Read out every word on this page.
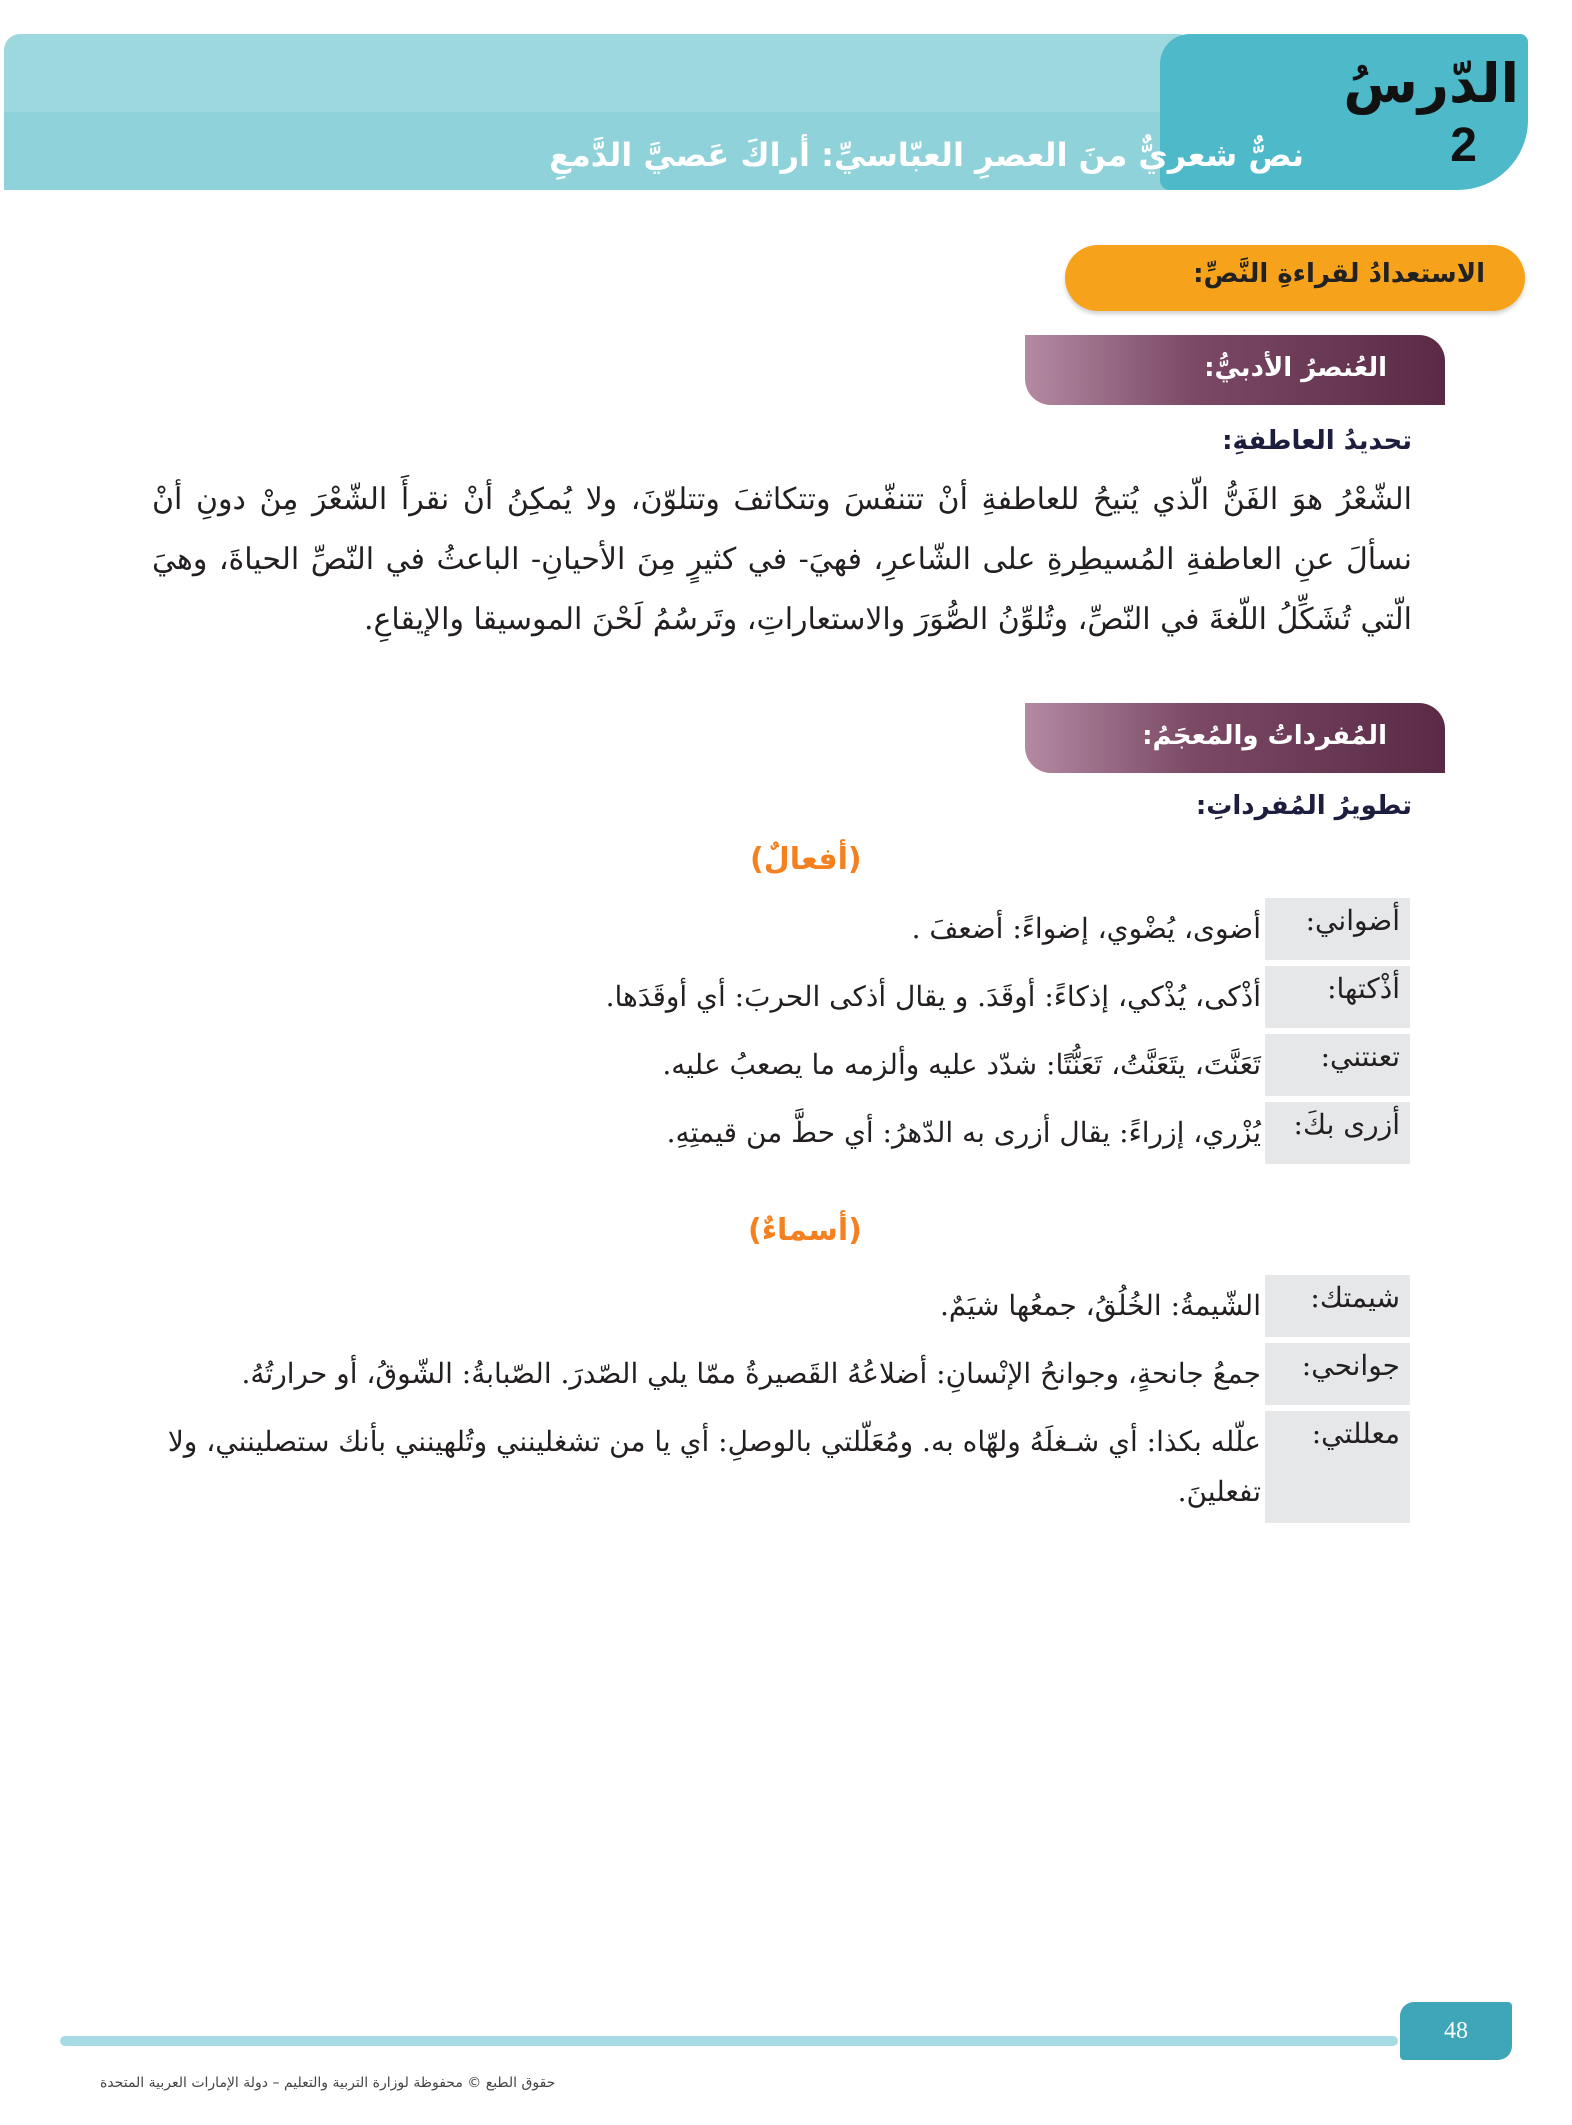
الدّرسُ
2
نصٌّ شعريٌّ منَ العصرِ العبّاسيِّ: أراكَ عَصيَّ الدَّمعِ
الاستعدادُ لقراءةِ النَّصِّ:
العُنصرُ الأدبيُّ:
تحديدُ العاطفةِ:
الشّعْرُ هوَ الفَنُّ الّذي يُتيحُ للعاطفةِ أنْ تتنفّسَ وتتكاثفَ وتتلوّنَ، ولا يُمكِنُ أنْ نقرأَ الشّعْرَ مِنْ دونِ أنْ نسألَ عنِ العاطفةِ المُسيطِرةِ على الشّاعرِ، فهيَ- في كثيرٍ مِنَ الأحيانِ- الباعثُ في النّصِّ الحياةَ، وهيَ الّتي تُشَكِّلُ اللّغةَ في النّصِّ، وتُلوِّنُ الصُّوَرَ والاستعاراتِ، وتَرسُمُ لَحْنَ الموسيقا والإيقاعِ.
المُفرداتُ والمُعجَمُ:
تطويرُ المُفرداتِ:
(أفعالٌ)
أضواني:
أضوى، يُضْوي، إضواءً: أضعفَ .
أذْكتها:
أذْكى، يُذْكي، إذكاءً: أوقَدَ. و يقال أذكى الحربَ: أي أوقَدَها.
تعنتني:
تَعَنَّتَ، يتَعَنَّتُ، تَعَنُّتًا: شدّد عليه وألزمه ما يصعبُ عليه.
أزرى بكَ:
يُزْري، إزراءً: يقال أزرى به الدّهرُ: أي حطَّ من قيمتِهِ.
(أسماءٌ)
شيمتك:
الشّيمةُ: الخُلُقُ، جمعُها شيَمٌ.
جوانحي:
جمعُ جانحةٍ، وجوانحُ الإنْسانِ: أضلاعُهُ القَصيرةُ ممّا يلي الصّدرَ. الصّبابةُ: الشّوقُ، أو حرارتُهُ.
معللتي:
علّله بكذا: أي شـغلَهُ ولهّاه به. ومُعَلّلتي بالوصلِ: أي يا من تشغلينني وتُلهينني بأنك ستصلينني، ولا تفعلينَ.
48
حقوق الطبع © محفوظة لوزارة التربية والتعليم – دولة الإمارات العربية المتحدة
